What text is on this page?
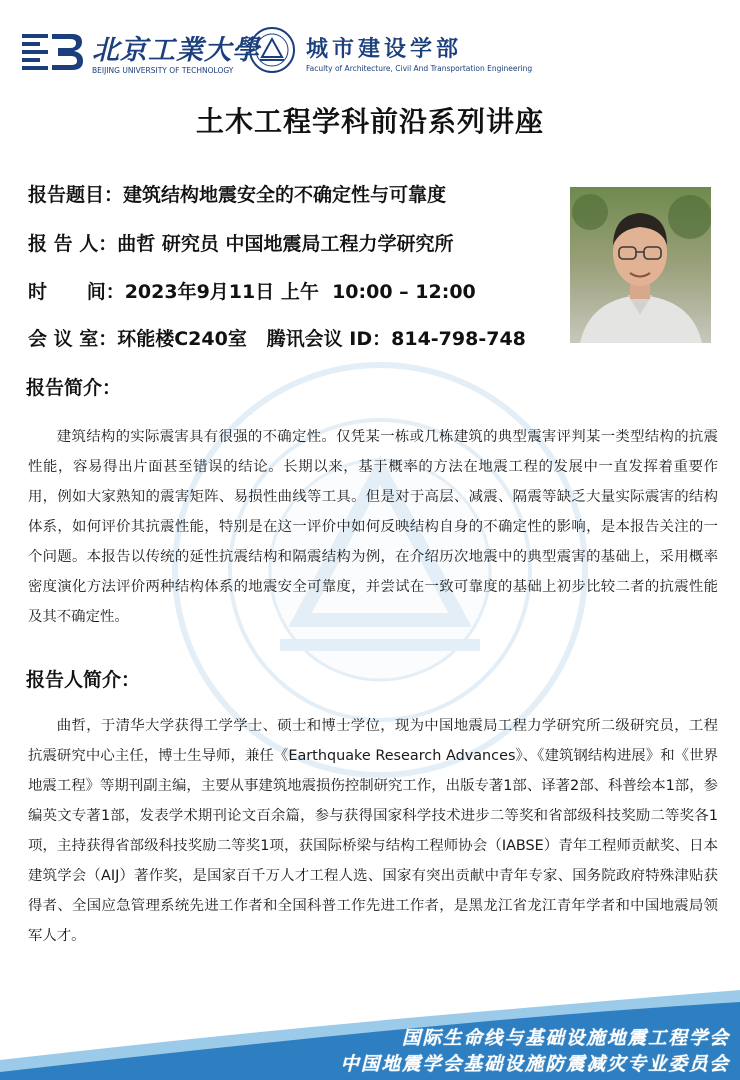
北京工業大學
BEIJING UNIVERSITY OF TECHNOLOGY
城市建设学部
Faculty of Architecture, Civil And Transportation Engineering
土木工程学科前沿系列讲座
报告题目：建筑结构地震安全的不确定性与可靠度
报 告 人：曲哲 研究员 中国地震局工程力学研究所
时      间：2023年9月11日 上午  10:00 – 12:00
会 议 室：环能楼C240室   腾讯会议 ID：814-798-748
报告简介：
建筑结构的实际震害具有很强的不确定性。仅凭某一栋或几栋建筑的典型震害评判某一类型结构的抗震性能，容易得出片面甚至错误的结论。长期以来，基于概率的方法在地震工程的发展中一直发挥着重要作用，例如大家熟知的震害矩阵、易损性曲线等工具。但是对于高层、减震、隔震等缺乏大量实际震害的结构体系，如何评价其抗震性能，特别是在这一评价中如何反映结构自身的不确定性的影响，是本报告关注的一个问题。本报告以传统的延性抗震结构和隔震结构为例，在介绍历次地震中的典型震害的基础上，采用概率密度演化方法评价两种结构体系的地震安全可靠度，并尝试在一致可靠度的基础上初步比较二者的抗震性能及其不确定性。
报告人简介：
曲哲，于清华大学获得工学学士、硕士和博士学位，现为中国地震局工程力学研究所二级研究员，工程抗震研究中心主任，博士生导师，兼任《Earthquake Research Advances》、《建筑钢结构进展》和《世界地震工程》等期刊副主编，主要从事建筑地震损伤控制研究工作，出版专著1部、译著2部、科普绘本1部，参编英文专著1部，发表学术期刊论文百余篇，参与获得国家科学技术进步二等奖和省部级科技奖励二等奖各1项，主持获得省部级科技奖励二等奖1项，获国际桥梁与结构工程师协会（IABSE）青年工程师贡献奖、日本建筑学会（AIJ）著作奖，是国家百千万人才工程人选、国家有突出贡献中青年专家、国务院政府特殊津贴获得者、全国应急管理系统先进工作者和全国科普工作先进工作者，是黑龙江省龙江青年学者和中国地震局领军人才。
国际生命线与基础设施地震工程学会
中国地震学会基础设施防震减灾专业委员会
